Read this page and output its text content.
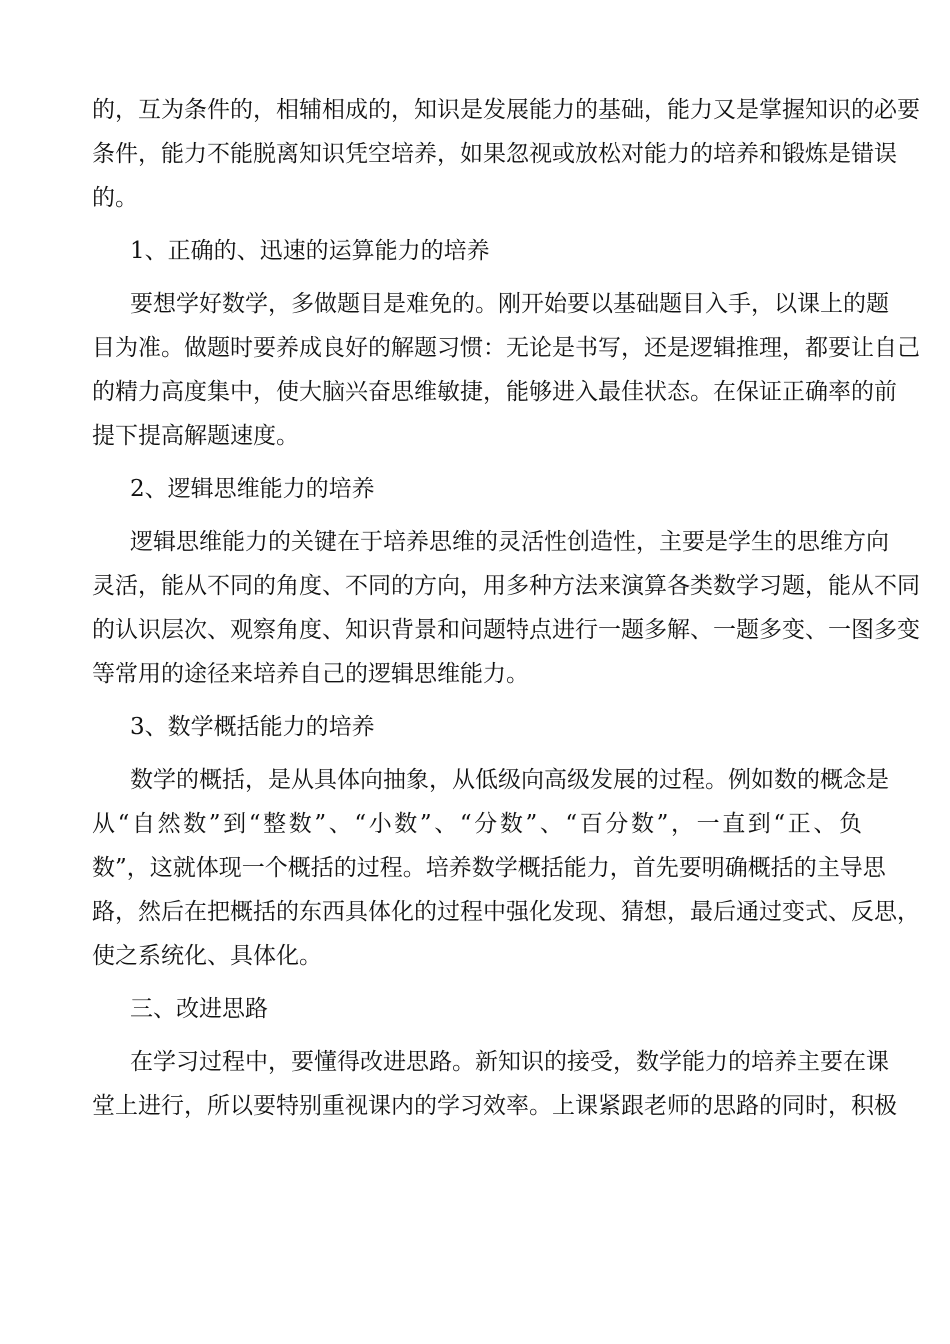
的，互为条件的，相辅相成的，知识是发展能力的基础，能力又是掌握知识的必要
条件，能力不能脱离知识凭空培养，如果忽视或放松对能力的培养和锻炼是错误
的。
1、正确的、迅速的运算能力的培养
要想学好数学，多做题目是难免的。刚开始要以基础题目入手，以课上的题
目为准。做题时要养成良好的解题习惯：无论是书写，还是逻辑推理，都要让自己
的精力高度集中，使大脑兴奋思维敏捷，能够进入最佳状态。在保证正确率的前
提下提高解题速度。
2、逻辑思维能力的培养
逻辑思维能力的关键在于培养思维的灵活性创造性，主要是学生的思维方向
灵活，能从不同的角度、不同的方向，用多种方法来演算各类数学习题，能从不同
的认识层次、观察角度、知识背景和问题特点进行一题多解、一题多变、一图多变
等常用的途径来培养自己的逻辑思维能力。
3、数学概括能力的培养
数学的概括，是从具体向抽象，从低级向高级发展的过程。例如数的概念是
从“自然数”到“整数”、“小数”、“分数”、“百分数”，一直到“正、负
数”，这就体现一个概括的过程。培养数学概括能力，首先要明确概括的主导思
路，然后在把概括的东西具体化的过程中强化发现、猜想，最后通过变式、反思，
使之系统化、具体化。
三、改进思路
在学习过程中，要懂得改进思路。新知识的接受，数学能力的培养主要在课
堂上进行，所以要特别重视课内的学习效率。上课紧跟老师的思路的同时，积极
